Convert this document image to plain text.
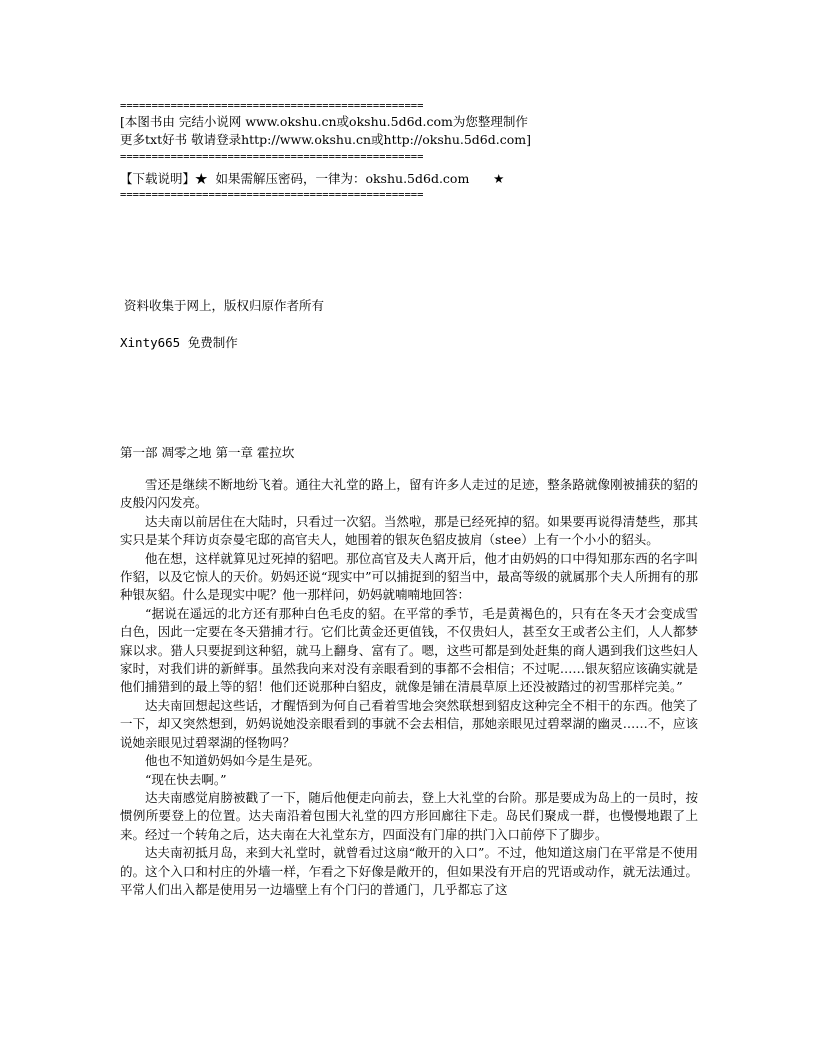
================================================
[本图书由 完结小说网 www.okshu.cn或okshu.5d6d.com为您整理制作
更多txt好书 敬请登录http://www.okshu.cn或http://okshu.5d6d.com]
================================================
【下载说明】★  如果需解压密码，一律为：okshu.5d6d.com      ★
================================================
资料收集于网上，版权归原作者所有
Xinty665 免费制作
第一部 凋零之地 第一章 霍拉坎

雪还是继续不断地纷飞着。通往大礼堂的路上，留有许多人走过的足迹，整条路就像刚被捕获的貂的皮般闪闪发亮。

达夫南以前居住在大陆时，只看过一次貂。当然啦，那是已经死掉的貂。如果要再说得清楚些，那其实只是某个拜访贞奈曼宅邸的高官夫人，她围着的银灰色貂皮披肩（stee）上有一个小小的貂头。

他在想，这样就算见过死掉的貂吧。那位高官及夫人离开后，他才由奶妈的口中得知那东西的名字叫作貂，以及它惊人的天价。奶妈还说“现实中”可以捕捉到的貂当中，最高等级的就属那个夫人所拥有的那种银灰貂。什么是现实中呢？他一那样问，奶妈就喃喃地回答：

“据说在遥远的北方还有那种白色毛皮的貂。在平常的季节，毛是黄褐色的，只有在冬天才会变成雪白色，因此一定要在冬天猎捕才行。它们比黄金还更值钱，不仅贵妇人，甚至女王或者公主们，人人都梦寐以求。猎人只要捉到这种貂，就马上翻身、富有了。嗯，这些可都是到处赶集的商人遇到我们这些妇人家时，对我们讲的新鲜事。虽然我向来对没有亲眼看到的事都不会相信；不过呢……银灰貂应该确实就是他们捕猎到的最上等的貂！他们还说那种白貂皮，就像是铺在清晨草原上还没被踏过的初雪那样完美。”

达夫南回想起这些话，才醒悟到为何自己看着雪地会突然联想到貂皮这种完全不相干的东西。他笑了一下，却又突然想到，奶妈说她没亲眼看到的事就不会去相信，那她亲眼见过碧翠湖的幽灵……不，应该说她亲眼见过碧翠湖的怪物吗？

他也不知道奶妈如今是生是死。

“现在快去啊。”

达夫南感觉肩膀被戳了一下，随后他便走向前去，登上大礼堂的台阶。那是要成为岛上的一员时，按惯例所要登上的位置。达夫南沿着包围大礼堂的四方形回廊往下走。岛民们聚成一群，也慢慢地跟了上来。经过一个转角之后，达夫南在大礼堂东方，四面没有门扉的拱门入口前停下了脚步。

达夫南初抵月岛，来到大礼堂时，就曾看过这扇“敞开的入口”。不过，他知道这扇门在平常是不使用的。这个入口和村庄的外墙一样，乍看之下好像是敞开的，但如果没有开启的咒语或动作，就无法通过。平常人们出入都是使用另一边墙壁上有个门闩的普通门，几乎都忘了这
